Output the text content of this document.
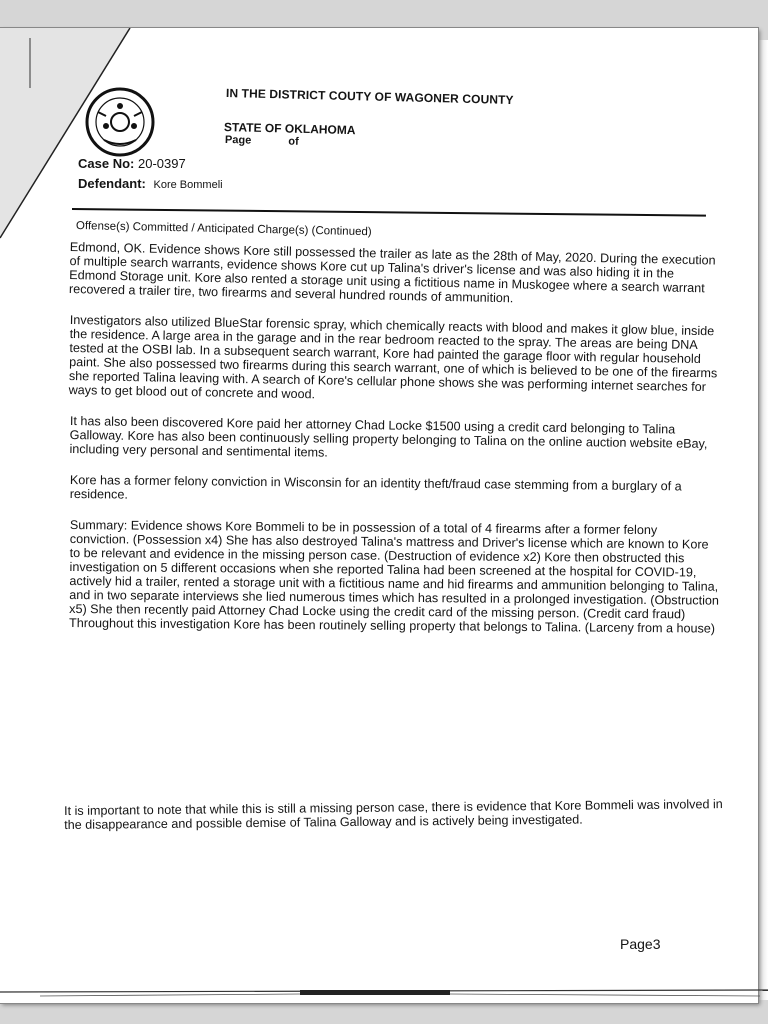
IN THE DISTRICT COUTY OF WAGONER COUNTY
STATE OF OKLAHOMA
Page	of
Case No: 20-0397
Defendant: Kore Bommeli
Offense(s) Committed / Anticipated Charge(s) (Continued)

Edmond, OK. Evidence shows Kore still possessed the trailer as late as the 28th of May, 2020. During the execution of multiple search warrants, evidence shows Kore cut up Talina's driver's license and was also hiding it in the Edmond Storage unit. Kore also rented a storage unit using a fictitious name in Muskogee where a search warrant recovered a trailer tire, two firearms and several hundred rounds of ammunition.

Investigators also utilized BlueStar forensic spray, which chemically reacts with blood and makes it glow blue, inside the residence. A large area in the garage and in the rear bedroom reacted to the spray. The areas are being DNA tested at the OSBI lab. In a subsequent search warrant, Kore had painted the garage floor with regular household paint. She also possessed two firearms during this search warrant, one of which is believed to be one of the firearms she reported Talina leaving with. A search of Kore's cellular phone shows she was performing internet searches for ways to get blood out of concrete and wood.

It has also been discovered Kore paid her attorney Chad Locke $1500 using a credit card belonging to Talina Galloway. Kore has also been continuously selling property belonging to Talina on the online auction website eBay, including very personal and sentimental items.

Kore has a former felony conviction in Wisconsin for an identity theft/fraud case stemming from a burglary of a residence.

Summary: Evidence shows Kore Bommeli to be in possession of a total of 4 firearms after a former felony conviction. (Possession x4) She has also destroyed Talina's mattress and Driver's license which are known to Kore to be relevant and evidence in the missing person case. (Destruction of evidence x2) Kore then obstructed this investigation on 5 different occasions when she reported Talina had been screened at the hospital for COVID-19, actively hid a trailer, rented a storage unit with a fictitious name and hid firearms and ammunition belonging to Talina, and in two separate interviews she lied numerous times which has resulted in a prolonged investigation. (Obstruction x5) She then recently paid Attorney Chad Locke using the credit card of the missing person. (Credit card fraud) Throughout this investigation Kore has been routinely selling property that belongs to Talina. (Larceny from a house)

It is important to note that while this is still a missing person case, there is evidence that Kore Bommeli was involved in the disappearance and possible demise of Talina Galloway and is actively being investigated.
Page3
